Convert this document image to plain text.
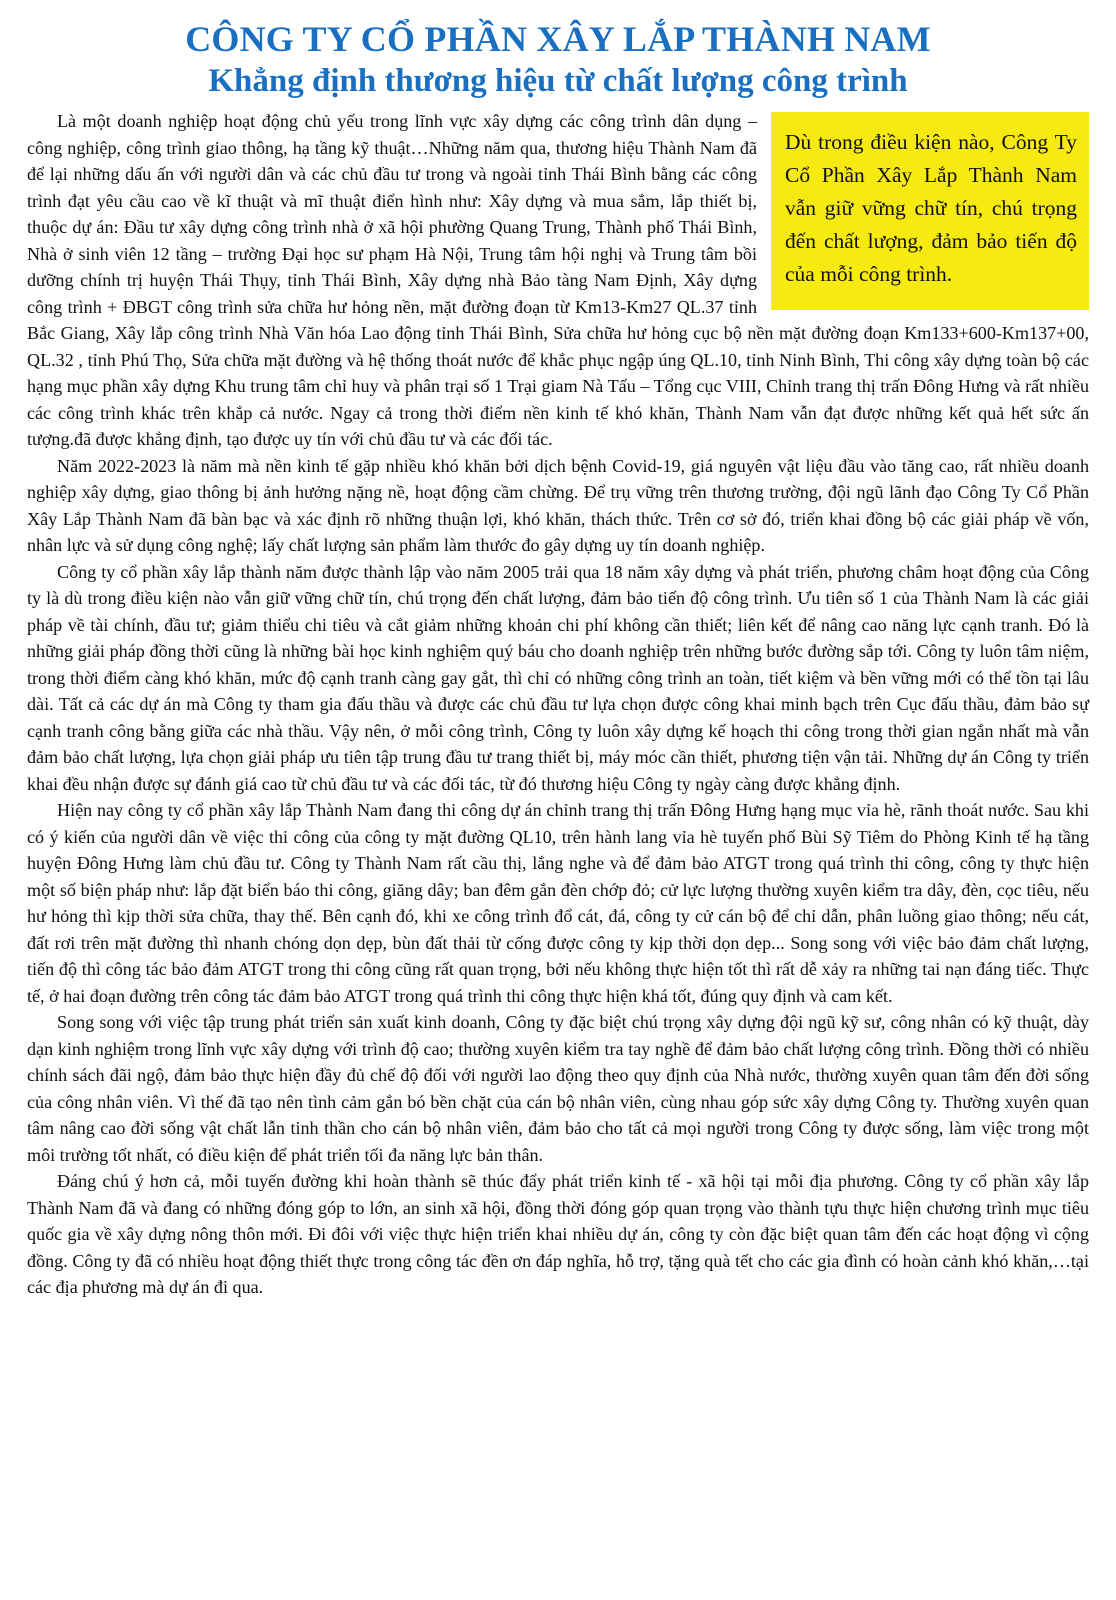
CÔNG TY CỔ PHẦN XÂY LẮP THÀNH NAM
Khẳng định thương hiệu từ chất lượng công trình
Dù trong điều kiện nào, Công Ty Cổ Phần Xây Lắp Thành Nam vẫn giữ vững chữ tín, chú trọng đến chất lượng, đảm bảo tiến độ của mỗi công trình.

Là một doanh nghiệp hoạt động chủ yếu trong lĩnh vực xây dựng các công trình dân dụng – công nghiệp, công trình giao thông, hạ tầng kỹ thuật…Những năm qua, thương hiệu Thành Nam đã để lại những dấu ấn với người dân và các chủ đầu tư trong và ngoài tỉnh Thái Bình bằng các công trình đạt yêu cầu cao về kĩ thuật và mĩ thuật điển hình như: Xây dựng và mua sắm, lắp thiết bị, thuộc dự án: Đầu tư xây dựng công trình nhà ở xã hội phường Quang Trung, Thành phố Thái Bình, Nhà ở sinh viên 12 tầng – trường Đại học sư phạm Hà Nội, Trung tâm hội nghị và Trung tâm bồi dưỡng chính trị huyện Thái Thụy, tỉnh Thái Bình, Xây dựng nhà Bảo tàng Nam Định, Xây dựng công trình + ĐBGT công trình sửa chữa hư hỏng nền, mặt đường đoạn từ Km13-Km27 QL.37 tỉnh Bắc Giang, Xây lắp công trình Nhà Văn hóa Lao động tỉnh Thái Bình, Sửa chữa hư hỏng cục bộ nền mặt đường đoạn Km133+600-Km137+00, QL.32 , tỉnh Phú Thọ, Sửa chữa mặt đường và hệ thống thoát nước để khắc phục ngập úng QL.10, tỉnh Ninh Bình, Thi công xây dựng toàn bộ các hạng mục phần xây dựng Khu trung tâm chỉ huy và phân trại số 1 Trại giam Nà Tấu – Tổng cục VIII, Chỉnh trang thị trấn Đông Hưng và rất nhiều các công trình khác trên khắp cả nước. Ngay cả trong thời điểm nền kinh tế khó khăn, Thành Nam vẫn đạt được những kết quả hết sức ấn tượng.đã được khẳng định, tạo được uy tín với chủ đầu tư và các đối tác.

Năm 2022-2023 là năm mà nền kinh tế gặp nhiều khó khăn bởi dịch bệnh Covid-19, giá nguyên vật liệu đầu vào tăng cao, rất nhiều doanh nghiệp xây dựng, giao thông bị ảnh hưởng nặng nề, hoạt động cầm chừng. Để trụ vững trên thương trường, đội ngũ lãnh đạo Công Ty Cổ Phần Xây Lắp Thành Nam đã bàn bạc và xác định rõ những thuận lợi, khó khăn, thách thức. Trên cơ sở đó, triển khai đồng bộ các giải pháp về vốn, nhân lực và sử dụng công nghệ; lấy chất lượng sản phẩm làm thước đo gây dựng uy tín doanh nghiệp.

Công ty cổ phần xây lắp thành năm được thành lập vào năm 2005 trải qua 18 năm xây dựng và phát triển, phương châm hoạt động của Công ty là dù trong điều kiện nào vẫn giữ vững chữ tín, chú trọng đến chất lượng, đảm bảo tiến độ công trình. Ưu tiên số 1 của Thành Nam là các giải pháp về tài chính, đầu tư; giảm thiểu chi tiêu và cắt giảm những khoản chi phí không cần thiết; liên kết để nâng cao năng lực cạnh tranh. Đó là những giải pháp đồng thời cũng là những bài học kinh nghiệm quý báu cho doanh nghiệp trên những bước đường sắp tới. Công ty luôn tâm niệm, trong thời điểm càng khó khăn, mức độ cạnh tranh càng gay gắt, thì chỉ có những công trình an toàn, tiết kiệm và bền vững mới có thể tồn tại lâu dài. Tất cả các dự án mà Công ty tham gia đấu thầu và được các chủ đầu tư lựa chọn được công khai minh bạch trên Cục đấu thầu, đảm bảo sự cạnh tranh công bằng giữa các nhà thầu. Vậy nên, ở mỗi công trình, Công ty luôn xây dựng kế hoạch thi công trong thời gian ngắn nhất mà vẫn đảm bảo chất lượng, lựa chọn giải pháp ưu tiên tập trung đầu tư trang thiết bị, máy móc cần thiết, phương tiện vận tải. Những dự án Công ty triển khai đều nhận được sự đánh giá cao từ chủ đầu tư và các đối tác, từ đó thương hiệu Công ty ngày càng được khẳng định.

Hiện nay công ty cổ phần xây lắp Thành Nam đang thi công dự án chỉnh trang thị trấn Đông Hưng hạng mục vỉa hè, rãnh thoát nước. Sau khi có ý kiến của người dân về việc thi công của công ty mặt đường QL10, trên hành lang vỉa hè tuyến phố Bùi Sỹ Tiêm do Phòng Kinh tế hạ tầng huyện Đông Hưng làm chủ đầu tư. Công ty Thành Nam rất cầu thị, lắng nghe và để đảm bảo ATGT trong quá trình thi công, công ty thực hiện một số biện pháp như: lắp đặt biển báo thi công, giăng dây; ban đêm gắn đèn chớp đỏ; cử lực lượng thường xuyên kiểm tra dây, đèn, cọc tiêu, nếu hư hỏng thì kịp thời sửa chữa, thay thế. Bên cạnh đó, khi xe công trình đổ cát, đá, công ty cử cán bộ để chỉ dẫn, phân luồng giao thông; nếu cát, đất rơi trên mặt đường thì nhanh chóng dọn dẹp, bùn đất thải từ cống được công ty kịp thời dọn dẹp... Song song với việc bảo đảm chất lượng, tiến độ thì công tác bảo đảm ATGT trong thi công cũng rất quan trọng, bởi nếu không thực hiện tốt thì rất dễ xảy ra những tai nạn đáng tiếc. Thực tế, ở hai đoạn đường trên công tác đảm bảo ATGT trong quá trình thi công thực hiện khá tốt, đúng quy định và cam kết.

Song song với việc tập trung phát triển sản xuất kinh doanh, Công ty đặc biệt chú trọng xây dựng đội ngũ kỹ sư, công nhân có kỹ thuật, dày dạn kinh nghiệm trong lĩnh vực xây dựng với trình độ cao; thường xuyên kiểm tra tay nghề để đảm bảo chất lượng công trình. Đồng thời có nhiều chính sách đãi ngộ, đảm bảo thực hiện đầy đủ chế độ đối với người lao động theo quy định của Nhà nước, thường xuyên quan tâm đến đời sống của công nhân viên. Vì thế đã tạo nên tình cảm gắn bó bền chặt của cán bộ nhân viên, cùng nhau góp sức xây dựng Công ty. Thường xuyên quan tâm nâng cao đời sống vật chất lẫn tinh thần cho cán bộ nhân viên, đảm bảo cho tất cả mọi người trong Công ty được sống, làm việc trong một môi trường tốt nhất, có điều kiện để phát triển tối đa năng lực bản thân.

Đáng chú ý hơn cả, mỗi tuyến đường khi hoàn thành sẽ thúc đẩy phát triển kinh tế - xã hội tại mỗi địa phương. Công ty cổ phần xây lắp Thành Nam đã và đang có những đóng góp to lớn, an sinh xã hội, đồng thời đóng góp quan trọng vào thành tựu thực hiện chương trình mục tiêu quốc gia về xây dựng nông thôn mới. Đi đôi với việc thực hiện triển khai nhiều dự án, công ty còn đặc biệt quan tâm đến các hoạt động vì cộng đồng. Công ty đã có nhiều hoạt động thiết thực trong công tác đền ơn đáp nghĩa, hỗ trợ, tặng quà tết cho các gia đình có hoàn cảnh khó khăn,…tại các địa phương mà dự án đi qua.
